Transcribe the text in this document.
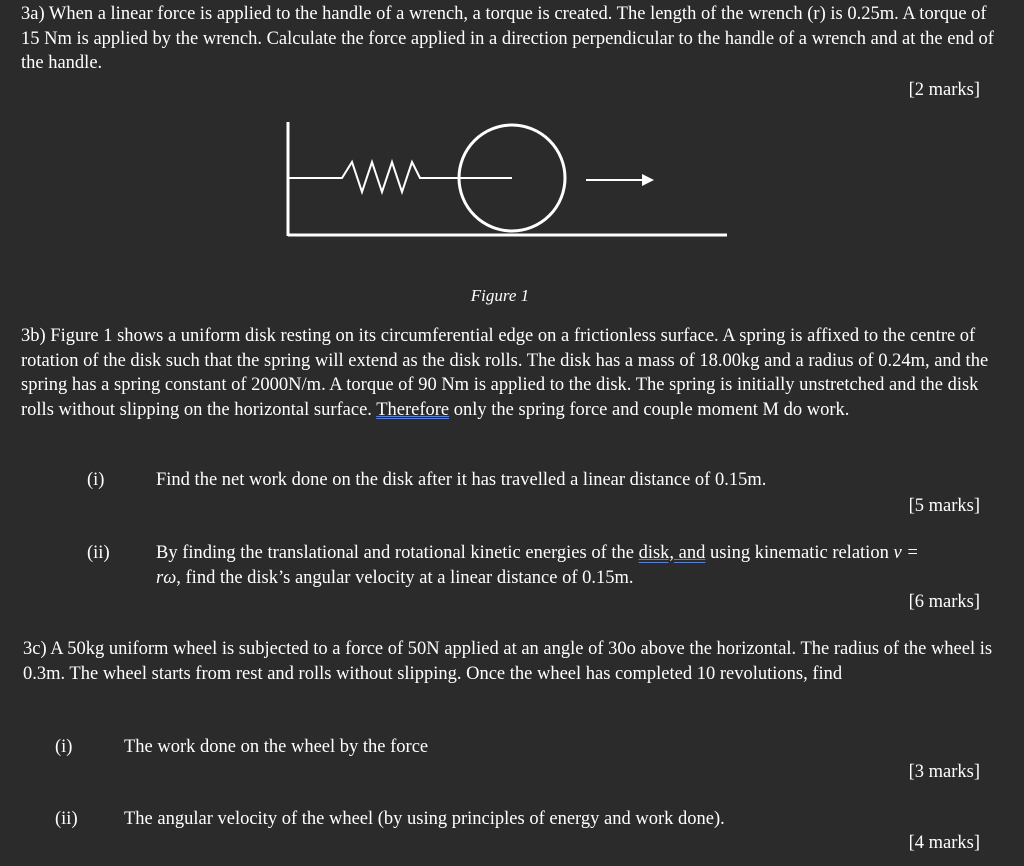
3a) When a linear force is applied to the handle of a wrench, a torque is created. The length of the wrench (r) is 0.25m. A torque of 15 Nm is applied by the wrench. Calculate the force applied in a direction perpendicular to the handle of a wrench and at the end of the handle.

[2 marks]

Figure 1

3b) Figure 1 shows a uniform disk resting on its circumferential edge on a frictionless surface. A spring is affixed to the centre of rotation of the disk such that the spring will extend as the disk rolls. The disk has a mass of 18.00kg and a radius of 0.24m, and the spring has a spring constant of 2000N/m. A torque of 90 Nm is applied to the disk. The spring is initially unstretched and the disk rolls without slipping on the horizontal surface. Therefore only the spring force and couple moment M do work.

(i)	Find the net work done on the disk after it has travelled a linear distance of 0.15m.

[5 marks]

(ii)	By finding the translational and rotational kinetic energies of the disk, and using kinematic relation v = rω, find the disk’s angular velocity at a linear distance of 0.15m.

[6 marks]

3c) A 50kg uniform wheel is subjected to a force of 50N applied at an angle of 30o above the horizontal. The radius of the wheel is 0.3m. The wheel starts from rest and rolls without slipping. Once the wheel has completed 10 revolutions, find

(i)	The work done on the wheel by the force

[3 marks]

(ii)	The angular velocity of the wheel (by using principles of energy and work done).

[4 marks]
